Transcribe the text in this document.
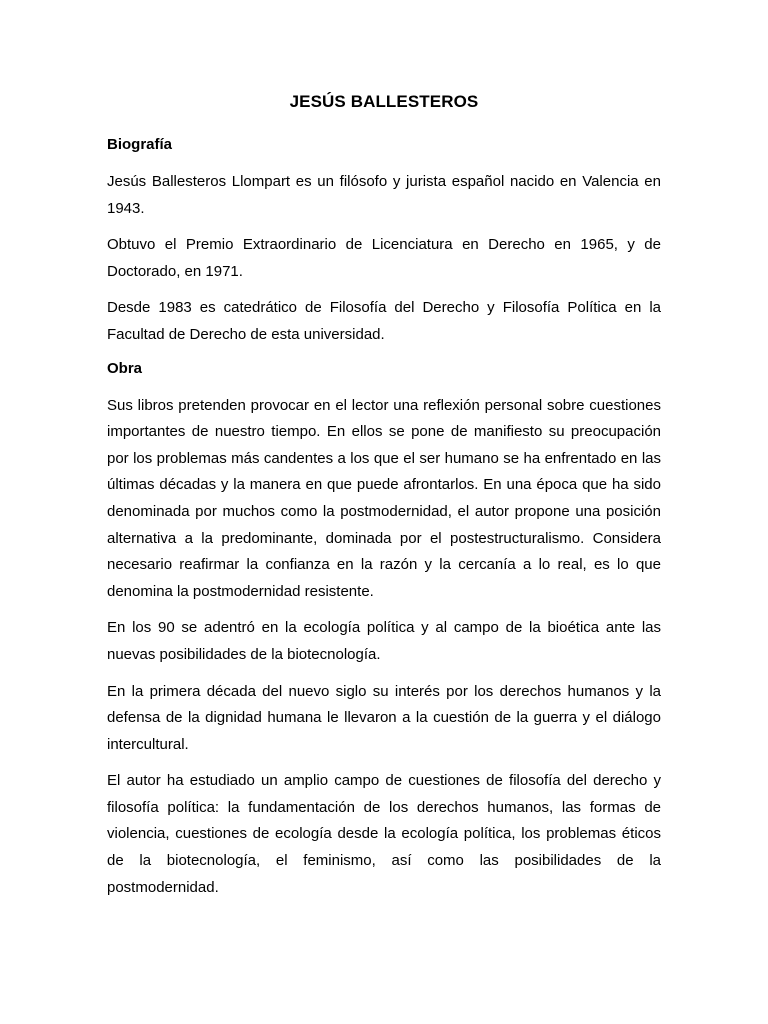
JESÚS BALLESTEROS
Biografía

Jesús Ballesteros Llompart es un filósofo y jurista español nacido en Valencia en 1943.

Obtuvo el Premio Extraordinario de Licenciatura en Derecho en 1965, y de Doctorado, en 1971.

Desde 1983 es catedrático de Filosofía del Derecho y Filosofía Política en la Facultad de Derecho de esta universidad.

Obra

Sus libros pretenden provocar en el lector una reflexión personal sobre cuestiones importantes de nuestro tiempo. En ellos se pone de manifiesto su preocupación por los problemas más candentes a los que el ser humano se ha enfrentado en las últimas décadas y la manera en que puede afrontarlos. En una época que ha sido denominada por muchos como la postmodernidad, el autor propone una posición alternativa a la predominante, dominada por el postestructuralismo. Considera necesario reafirmar la confianza en la razón y la cercanía a lo real, es lo que denomina la postmodernidad resistente.

En los 90 se adentró en la ecología política y al campo de la bioética ante las nuevas posibilidades de la biotecnología.

En la primera década del nuevo siglo su interés por los derechos humanos y la defensa de la dignidad humana le llevaron a la cuestión de la guerra y el diálogo intercultural.

El autor ha estudiado un amplio campo de cuestiones de filosofía del derecho y filosofía política: la fundamentación de los derechos humanos, las formas de violencia, cuestiones de ecología desde la ecología política, los problemas éticos de la biotecnología, el feminismo, así como las posibilidades de la postmodernidad.
